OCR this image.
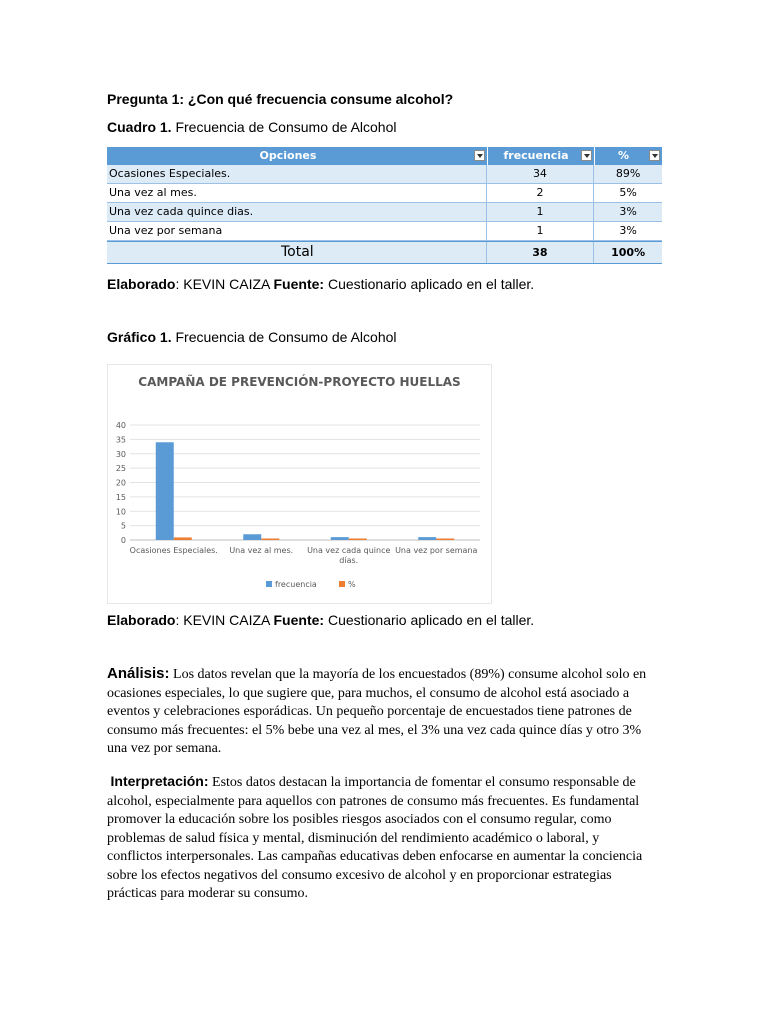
Pregunta 1: ¿Con qué frecuencia consume alcohol?
Cuadro 1. Frecuencia de Consumo de Alcohol
Opciones	frecuencia	%
Ocasiones Especiales.	34	89%
Una vez al mes.	2	5%
Una vez cada quince dias.	1	3%
Una vez por semana	1	3%
Total	38	100%
Elaborado: KEVIN CAIZA Fuente: Cuestionario aplicado en el taller.
Gráfico 1. Frecuencia de Consumo de Alcohol
CAMPAÑA DE PREVENCIÓN-PROYECTO HUELLAS
0
5
10
15
20
25
30
35
40
Ocasiones Especiales. Una vez al mes. Una vez cada quince
días.
Una vez por semana
frecuencia	%
Elaborado: KEVIN CAIZA Fuente: Cuestionario aplicado en el taller.
Análisis: Los datos revelan que la mayoría de los encuestados (89%) consume alcohol solo en ocasiones especiales, lo que sugiere que, para muchos, el consumo de alcohol está asociado a eventos y celebraciones esporádicas. Un pequeño porcentaje de encuestados tiene patrones de consumo más frecuentes: el 5% bebe una vez al mes, el 3% una vez cada quince días y otro 3% una vez por semana.
Interpretación: Estos datos destacan la importancia de fomentar el consumo responsable de alcohol, especialmente para aquellos con patrones de consumo más frecuentes. Es fundamental promover la educación sobre los posibles riesgos asociados con el consumo regular, como problemas de salud física y mental, disminución del rendimiento académico o laboral, y conflictos interpersonales. Las campañas educativas deben enfocarse en aumentar la conciencia sobre los efectos negativos del consumo excesivo de alcohol y en proporcionar estrategias prácticas para moderar su consumo.
